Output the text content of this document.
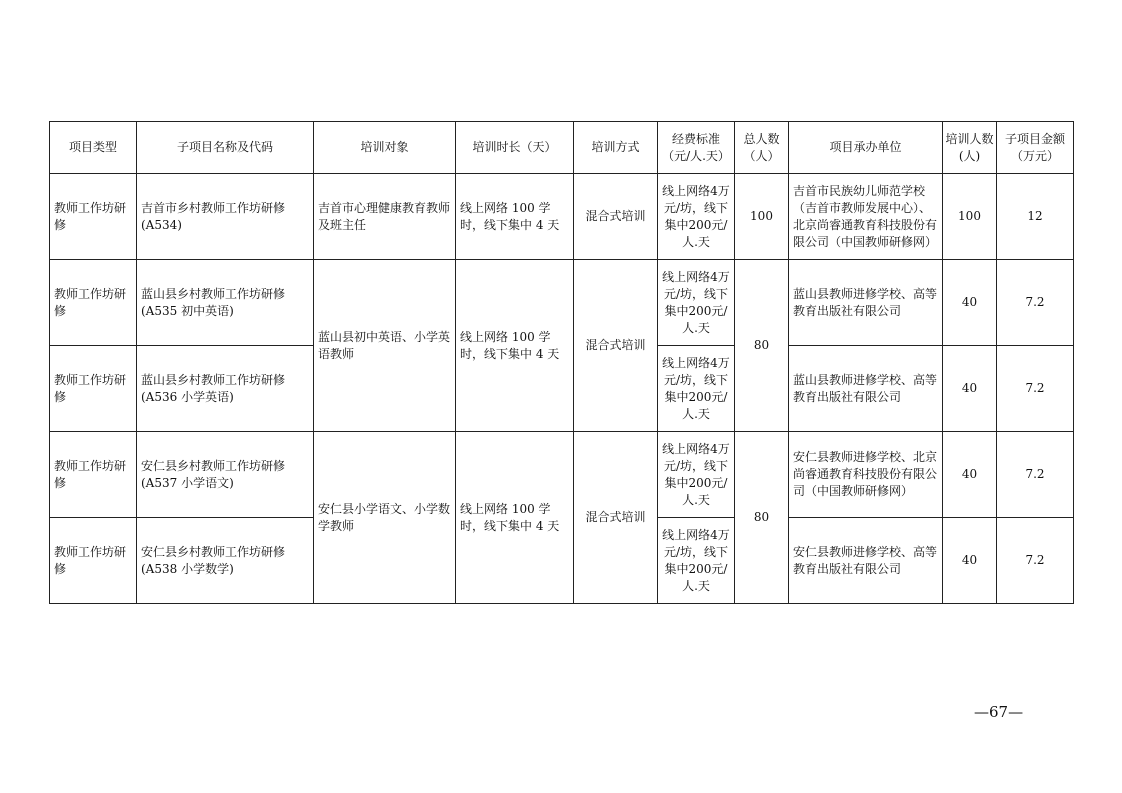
项目类型	子项目名称及代码	培训对象	培训时长（天）	培训方式	经费标准（元/人.天）	总人数（人）	项目承办单位	培训人数(人)	子项目金额（万元）
教师工作坊研修	吉首市乡村教师工作坊研修(A534)	吉首市心理健康教育教师及班主任	线上网络 100 学时，线下集中 4 天	混合式培训	线上网络4万元/坊，线下集中200元/人.天	100	吉首市民族幼儿师范学校（吉首市教师发展中心）、北京尚睿通教育科技股份有限公司（中国教师研修网）	100	12
教师工作坊研修	蓝山县乡村教师工作坊研修(A535 初中英语)	蓝山县初中英语、小学英语教师	线上网络 100 学时，线下集中 4 天	混合式培训	线上网络4万元/坊，线下集中200元/人.天	80	蓝山县教师进修学校、高等教育出版社有限公司	40	7.2
教师工作坊研修	蓝山县乡村教师工作坊研修(A536 小学英语)				线上网络4万元/坊，线下集中200元/人.天		蓝山县教师进修学校、高等教育出版社有限公司	40	7.2
教师工作坊研修	安仁县乡村教师工作坊研修(A537 小学语文)	安仁县小学语文、小学数学教师	线上网络 100 学时，线下集中 4 天	混合式培训	线上网络4万元/坊，线下集中200元/人.天	80	安仁县教师进修学校、北京尚睿通教育科技股份有限公司（中国教师研修网）	40	7.2
教师工作坊研修	安仁县乡村教师工作坊研修(A538 小学数学)				线上网络4万元/坊，线下集中200元/人.天		安仁县教师进修学校、高等教育出版社有限公司	40	7.2
—67—
